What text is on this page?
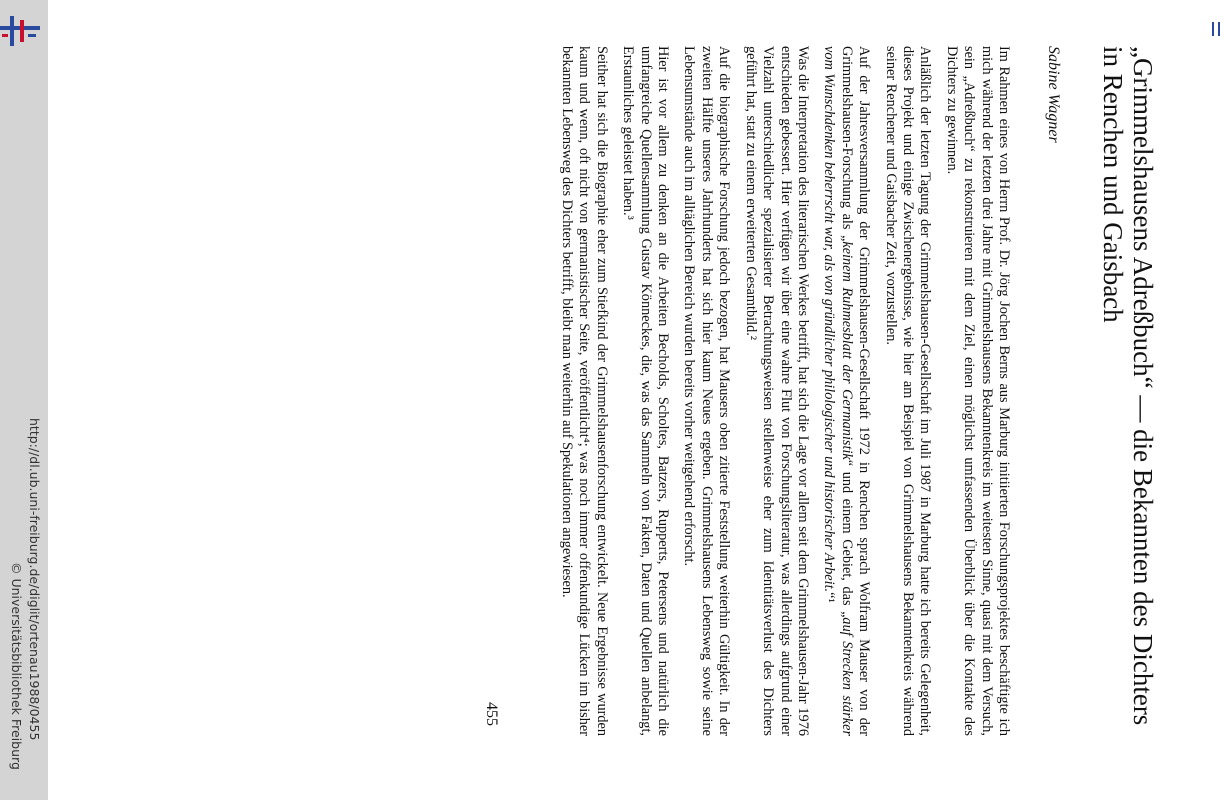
http://dl.ub.uni-freiburg.de/diglit/ortenau1988/0455
© Universitätsbibliothek Freiburg	„Grimmelshausens Adreßbuch“ — die Bekannten des Dichters in Renchen und Gaisbach
Sabine Wagner

Im Rahmen eines von Herrn Prof. Dr. Jörg Jochen Berns aus Marburg initiierten Forschungsprojektes beschäftigte ich mich während der letzten drei Jahre mit Grimmelshausens Bekanntenkreis im weitesten Sinne, quasi mit dem Versuch, sein „Adreßbuch“ zu rekonstruieren mit dem Ziel, einen möglichst umfassenden Überblick über die Kontakte des Dichters zu gewinnen.

Anläßlich der letzten Tagung der Grimmelshausen-Gesellschaft im Juli 1987 in Marburg hatte ich bereits Gelegenheit, dieses Projekt und einige Zwischenergebnisse, wie hier am Beispiel von Grimmelshausens Bekanntenkreis während seiner Renchener und Gaisbacher Zeit, vorzustellen.

Auf der Jahresversammlung der Grimmelshausen-Gesellschaft 1972 in Renchen sprach Wolfram Mauser von der Grimmelshausen-Forschung als „keinem Ruhmesblatt der Germanistik“ und einem Gebiet, das „auf Strecken stärker vom Wunschdenken beherrscht war, als von gründlicher philologischer und historischer Arbeit.“¹

Was die Interpretation des literarischen Werkes betrifft, hat sich die Lage vor allem seit dem Grimmelshausen-Jahr 1976 entschieden gebessert. Hier verfügen wir über eine wahre Flut von Forschungsliteratur, was allerdings aufgrund einer Vielzahl unterschiedlicher spezialisierter Betrachtungsweisen stellenweise eher zum Identitätsverlust des Dichters geführt hat, statt zu einem erweiterten Gesamtbild.²

Auf die biographische Forschung jedoch bezogen, hat Mausers oben zitierte Feststellung weiterhin Gültigkeit. In der zweiten Hälfte unseres Jahrhunderts hat sich hier kaum Neues ergeben. Grimmelshausens Lebensweg sowie seine Lebensumstände auch im alltäglichen Bereich wurden bereits vorher weitgehend erforscht.

Hier ist vor allem zu denken an die Arbeiten Becholds, Scholtes, Batzers, Rupperts, Petersens und natürlich die umfangreiche Quellensammlung Gustav Könneckes, die, was das Sammeln von Fakten, Daten und Quellen anbelangt, Erstaunliches geleistet haben.³

Seither hat sich die Biographie eher zum Stiefkind der Grimmelshausenforschung entwickelt. Neue Ergebnisse wurden kaum und wenn, oft nicht von germanistischer Seite, veröffentlicht⁴; was noch immer offenkundige Lücken im bisher bekannten Lebensweg des Dichters betrifft, bleibt man weiterhin auf Spekulationen angewiesen.

455
